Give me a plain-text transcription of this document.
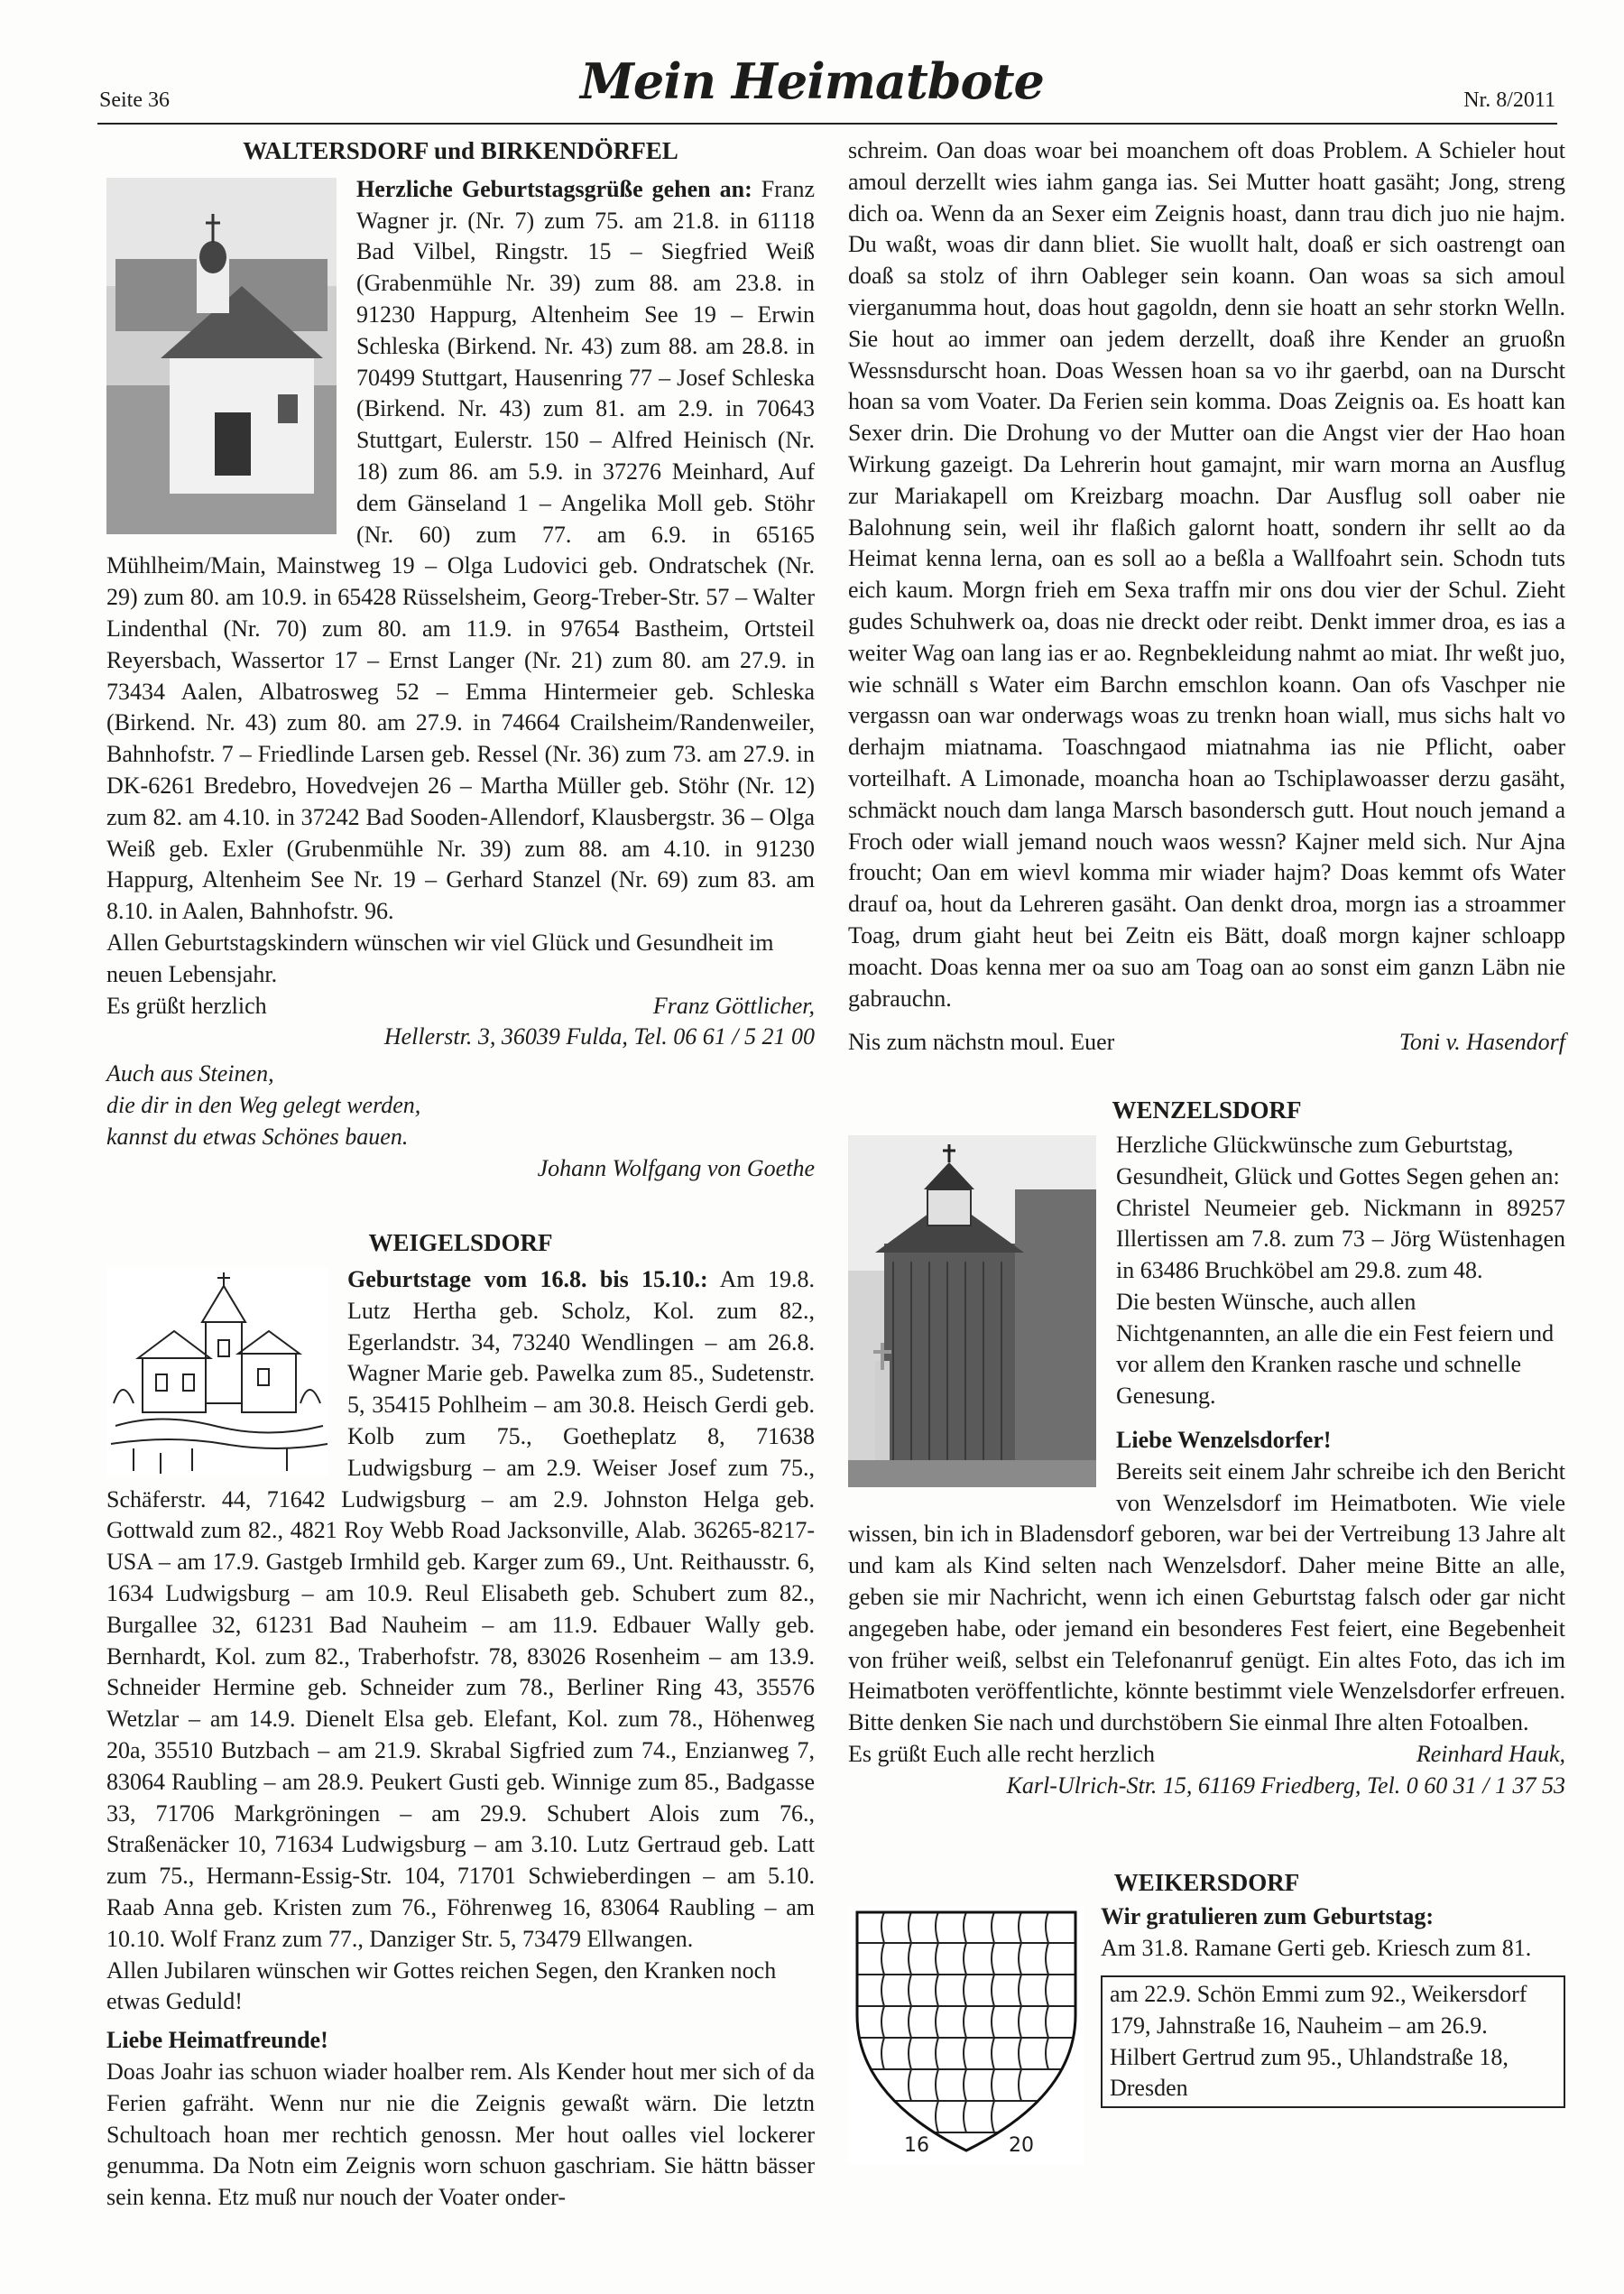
Seite 36	Mein Heimatbote	Nr. 8/2011
WALTERSDORF und BIRKENDÖRFEL

Herzliche Geburtstagsgrüße gehen an: Franz Wagner jr. (Nr. 7) zum 75. am 21.8. in 61118 Bad Vilbel, Ringstr. 15 – Siegfried Weiß (Grabenmühle Nr. 39) zum 88. am 23.8. in 91230 Happurg, Altenheim See 19 – Erwin Schleska (Birkend. Nr. 43) zum 88. am 28.8. in 70499 Stuttgart, Hausenring 77 – Josef Schleska (Birkend. Nr. 43) zum 81. am 2.9. in 70643 Stuttgart, Eulerstr. 150 – Alfred Heinisch (Nr. 18) zum 86. am 5.9. in 37276 Meinhard, Auf dem Gänseland 1 – Angelika Moll geb. Stöhr (Nr. 60) zum 77. am 6.9. in 65165 Mühlheim/Main, Mainstweg 19 – Olga Ludovici geb. Ondratschek (Nr. 29) zum 80. am 10.9. in 65428 Rüsselsheim, Georg-Treber-Str. 57 – Walter Lindenthal (Nr. 70) zum 80. am 11.9. in 97654 Bastheim, Ortsteil Reyersbach, Wassertor 17 – Ernst Langer (Nr. 21) zum 80. am 27.9. in 73434 Aalen, Albatrosweg 52 – Emma Hintermeier geb. Schleska (Birkend. Nr. 43) zum 80. am 27.9. in 74664 Crailsheim/Randenweiler, Bahnhofstr. 7 – Friedlinde Larsen geb. Ressel (Nr. 36) zum 73. am 27.9. in DK-6261 Bredebro, Hovedvejen 26 – Martha Müller geb. Stöhr (Nr. 12) zum 82. am 4.10. in 37242 Bad Sooden-Allendorf, Klausbergstr. 36 – Olga Weiß geb. Exler (Grubenmühle Nr. 39) zum 88. am 4.10. in 91230 Happurg, Altenheim See Nr. 19 – Gerhard Stanzel (Nr. 69) zum 83. am 8.10. in Aalen, Bahnhofstr. 96.

Allen Geburtstagskindern wünschen wir viel Glück und Gesundheit im neuen Lebensjahr.

Es grüßt herzlich	Franz Göttlicher,

Hellerstr. 3, 36039 Fulda, Tel. 06 61 / 5 21 00

Auch aus Steinen,

die dir in den Weg gelegt werden,

kannst du etwas Schönes bauen.

Johann Wolfgang von Goethe

WEIGELSDORF

Geburtstage vom 16.8. bis 15.10.: Am 19.8. Lutz Hertha geb. Scholz, Kol. zum 82., Egerlandstr. 34, 73240 Wendlingen – am 26.8. Wagner Marie geb. Pawelka zum 85., Sudetenstr. 5, 35415 Pohlheim – am 30.8. Heisch Gerdi geb. Kolb zum 75., Goetheplatz 8, 71638 Ludwigsburg – am 2.9. Weiser Josef zum 75., Schäferstr. 44, 71642 Ludwigsburg – am 2.9. Johnston Helga geb. Gottwald zum 82., 4821 Roy Webb Road Jacksonville, Alab. 36265-8217-USA – am 17.9. Gastgeb Irmhild geb. Karger zum 69., Unt. Reithausstr. 6, 1634 Ludwigsburg – am 10.9. Reul Elisabeth geb. Schubert zum 82., Burgallee 32, 61231 Bad Nauheim – am 11.9. Edbauer Wally geb. Bernhardt, Kol. zum 82., Traberhofstr. 78, 83026 Rosenheim – am 13.9. Schneider Hermine geb. Schneider zum 78., Berliner Ring 43, 35576 Wetzlar – am 14.9. Dienelt Elsa geb. Elefant, Kol. zum 78., Höhenweg 20a, 35510 Butzbach – am 21.9. Skrabal Sigfried zum 74., Enzianweg 7, 83064 Raubling – am 28.9. Peukert Gusti geb. Winnige zum 85., Badgasse 33, 71706 Markgröningen – am 29.9. Schubert Alois zum 76., Straßenäcker 10, 71634 Ludwigsburg – am 3.10. Lutz Gertraud geb. Latt zum 75., Hermann-Essig-Str. 104, 71701 Schwieberdingen – am 5.10. Raab Anna geb. Kristen zum 76., Föhrenweg 16, 83064 Raubling – am 10.10. Wolf Franz zum 77., Danziger Str. 5, 73479 Ellwangen.

Allen Jubilaren wünschen wir Gottes reichen Segen, den Kranken noch etwas Geduld!

Liebe Heimatfreunde!

Doas Joahr ias schuon wiader hoalber rem. Als Kender hout mer sich of da Ferien gafräht. Wenn nur nie die Zeignis gewaßt wärn. Die letztn Schultoach hoan mer rechtich genossn. Mer hout oalles viel lockerer genumma. Da Notn eim Zeignis worn schuon gaschriam. Sie hättn bässer sein kenna. Etz muß nur nouch der Voater onder-

schreim. Oan doas woar bei moanchem oft doas Problem. A Schieler hout amoul derzellt wies iahm ganga ias. Sei Mutter hoatt gasäht; Jong, streng dich oa. Wenn da an Sexer eim Zeignis hoast, dann trau dich juo nie hajm. Du waßt, woas dir dann bliet. Sie wuollt halt, doaß er sich oastrengt oan doaß sa stolz of ihrn Oableger sein koann. Oan woas sa sich amoul vierganumma hout, doas hout gagoldn, denn sie hoatt an sehr storkn Welln. Sie hout ao immer oan jedem derzellt, doaß ihre Kender an gruoßn Wessnsdurscht hoan. Doas Wessen hoan sa vo ihr gaerbd, oan na Durscht hoan sa vom Voater. Da Ferien sein komma. Doas Zeignis oa. Es hoatt kan Sexer drin. Die Drohung vo der Mutter oan die Angst vier der Hao hoan Wirkung gazeigt. Da Lehrerin hout gamajnt, mir warn morna an Ausflug zur Mariakapell om Kreizbarg moachn. Dar Ausflug soll oaber nie Balohnung sein, weil ihr flaßich galornt hoatt, sondern ihr sellt ao da Heimat kenna lerna, oan es soll ao a beßla a Wallfoahrt sein. Schodn tuts eich kaum. Morgn frieh em Sexa traffn mir ons dou vier der Schul. Zieht gudes Schuhwerk oa, doas nie dreckt oder reibt. Denkt immer droa, es ias a weiter Wag oan lang ias er ao. Regnbekleidung nahmt ao miat. Ihr weßt juo, wie schnäll s Water eim Barchn emschlon koann. Oan ofs Vaschper nie vergassn oan war onderwags woas zu trenkn hoan wiall, mus sichs halt vo derhajm miatnama. Toaschngaod miatnahma ias nie Pflicht, oaber vorteilhaft. A Limonade, moancha hoan ao Tschiplawoasser derzu gasäht, schmäckt nouch dam langa Marsch basondersch gutt. Hout nouch jemand a Froch oder wiall jemand nouch waos wessn? Kajner meld sich. Nur Ajna froucht; Oan em wievl komma mir wiader hajm? Doas kemmt ofs Water drauf oa, hout da Lehreren gasäht. Oan denkt droa, morgn ias a stroammer Toag, drum giaht heut bei Zeitn eis Bätt, doaß morgn kajner schloapp moacht. Doas kenna mer oa suo am Toag oan ao sonst eim ganzn Läbn nie gabrauchn.

Nis zum nächstn moul. Euer	Toni v. Hasendorf
WENZELSDORF

Herzliche Glückwünsche zum Geburtstag, Gesundheit, Glück und Gottes Segen gehen an:

Christel Neumeier geb. Nickmann in 89257 Illertissen am 7.8. zum 73 – Jörg Wüstenhagen in 63486 Bruchköbel am 29.8. zum 48.

Die besten Wünsche, auch allen Nichtgenannten, an alle die ein Fest feiern und vor allem den Kranken rasche und schnelle Genesung.

Liebe Wenzelsdorfer!

Bereits seit einem Jahr schreibe ich den Bericht von Wenzelsdorf im Heimatboten. Wie viele wissen, bin ich in Bladensdorf geboren, war bei der Vertreibung 13 Jahre alt und kam als Kind selten nach Wenzelsdorf. Daher meine Bitte an alle, geben sie mir Nachricht, wenn ich einen Geburtstag falsch oder gar nicht angegeben habe, oder jemand ein besonderes Fest feiert, eine Begebenheit von früher weiß, selbst ein Telefonanruf genügt. Ein altes Foto, das ich im Heimatboten veröffentlichte, könnte bestimmt viele Wenzelsdorfer erfreuen. Bitte denken Sie nach und durchstöbern Sie einmal Ihre alten Fotoalben.

Es grüßt Euch alle recht herzlich	Reinhard Hauk,

Karl-Ulrich-Str. 15, 61169 Friedberg, Tel. 0 60 31 / 1 37 53

WEIKERSDORF
16	20

Wir gratulieren zum Geburtstag:

Am 31.8. Ramane Gerti geb. Kriesch zum 81.

am 22.9. Schön Emmi zum 92., Weikersdorf 179, Jahnstraße 16, Nauheim – am 26.9. Hilbert Gertrud zum 95., Uhlandstraße 18, Dresden
